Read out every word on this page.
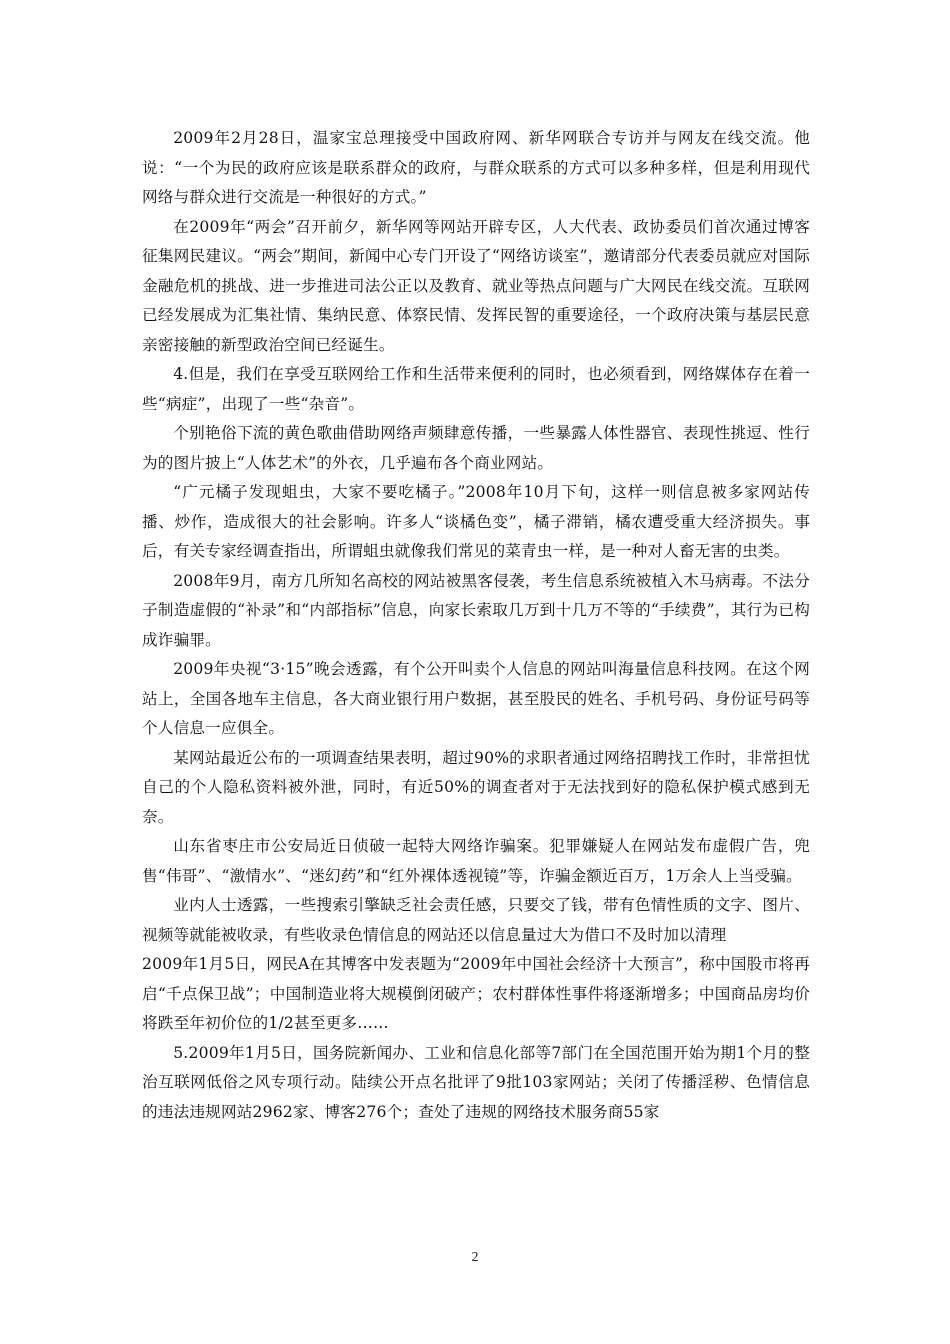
2009年2月28日，温家宝总理接受中国政府网、新华网联合专访并与网友在线交流。他说：“一个为民的政府应该是联系群众的政府，与群众联系的方式可以多种多样，但是利用现代网络与群众进行交流是一种很好的方式。”

在2009年“两会”召开前夕，新华网等网站开辟专区，人大代表、政协委员们首次通过博客征集网民建议。“两会”期间，新闻中心专门开设了“网络访谈室”，邀请部分代表委员就应对国际金融危机的挑战、进一步推进司法公正以及教育、就业等热点问题与广大网民在线交流。互联网已经发展成为汇集社情、集纳民意、体察民情、发挥民智的重要途径，一个政府决策与基层民意亲密接触的新型政治空间已经诞生。

4.但是，我们在享受互联网给工作和生活带来便利的同时，也必须看到，网络媒体存在着一些“病症”，出现了一些“杂音”。

个别艳俗下流的黄色歌曲借助网络声频肆意传播，一些暴露人体性器官、表现性挑逗、性行为的图片披上“人体艺术”的外衣，几乎遍布各个商业网站。

“广元橘子发现蛆虫，大家不要吃橘子。”2008年10月下旬，这样一则信息被多家网站传播、炒作，造成很大的社会影响。许多人“谈橘色变”，橘子滞销，橘农遭受重大经济损失。事后，有关专家经调查指出，所谓蛆虫就像我们常见的菜青虫一样，是一种对人畜无害的虫类。

2008年9月，南方几所知名高校的网站被黑客侵袭，考生信息系统被植入木马病毒。不法分子制造虚假的“补录”和“内部指标”信息，向家长索取几万到十几万不等的“手续费”，其行为已构成诈骗罪。

2009年央视“3·15”晚会透露，有个公开叫卖个人信息的网站叫海量信息科技网。在这个网站上，全国各地车主信息，各大商业银行用户数据，甚至股民的姓名、手机号码、身份证号码等个人信息一应俱全。

某网站最近公布的一项调查结果表明，超过90%的求职者通过网络招聘找工作时，非常担忧自己的个人隐私资料被外泄，同时，有近50%的调查者对于无法找到好的隐私保护模式感到无奈。

山东省枣庄市公安局近日侦破一起特大网络诈骗案。犯罪嫌疑人在网站发布虚假广告，兜售“伟哥”、“激情水”、“迷幻药”和“红外裸体透视镜”等，诈骗金额近百万，1万余人上当受骗。

业内人士透露，一些搜索引擎缺乏社会责任感，只要交了钱，带有色情性质的文字、图片、视频等就能被收录，有些收录色情信息的网站还以信息量过大为借口不及时加以清理

2009年1月5日，网民A在其博客中发表题为“2009年中国社会经济十大预言”，称中国股市将再启“千点保卫战”；中国制造业将大规模倒闭破产；农村群体性事件将逐渐增多；中国商品房均价将跌至年初价位的1/2甚至更多……

5.2009年1月5日，国务院新闻办、工业和信息化部等7部门在全国范围开始为期1个月的整治互联网低俗之风专项行动。陆续公开点名批评了9批103家网站；关闭了传播淫秽、色情信息的违法违规网站2962家、博客276个；查处了违规的网络技术服务商55家

2
